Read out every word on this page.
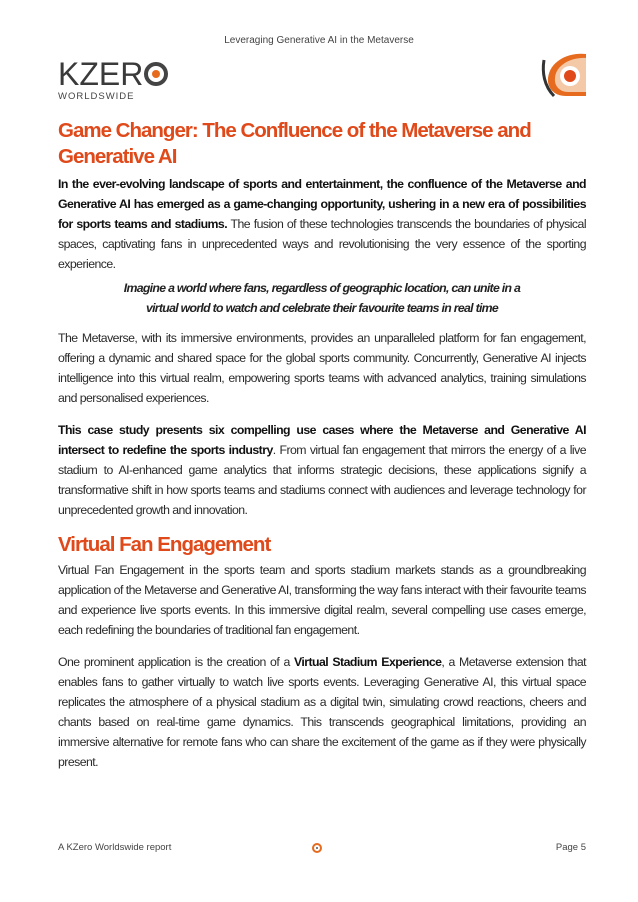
Leveraging Generative AI in the Metaverse
KZER
WORLDSWIDE
Game Changer: The Confluence of the Metaverse and Generative AI

In the ever-evolving landscape of sports and entertainment, the confluence of the Metaverse and Generative AI has emerged as a game-changing opportunity, ushering in a new era of possibilities for sports teams and stadiums. The fusion of these technologies transcends the boundaries of physical spaces, captivating fans in unprecedented ways and revolutionising the very essence of the sporting experience.

Imagine a world where fans, regardless of geographic location, can unite in a
virtual world to watch and celebrate their favourite teams in real time

The Metaverse, with its immersive environments, provides an unparalleled platform for fan engagement, offering a dynamic and shared space for the global sports community. Concurrently, Generative AI injects intelligence into this virtual realm, empowering sports teams with advanced analytics, training simulations and personalised experiences.

This case study presents six compelling use cases where the Metaverse and Generative AI intersect to redefine the sports industry. From virtual fan engagement that mirrors the energy of a live stadium to AI-enhanced game analytics that informs strategic decisions, these applications signify a transformative shift in how sports teams and stadiums connect with audiences and leverage technology for unprecedented growth and innovation.

Virtual Fan Engagement

Virtual Fan Engagement in the sports team and sports stadium markets stands as a groundbreaking application of the Metaverse and Generative AI, transforming the way fans interact with their favourite teams and experience live sports events. In this immersive digital realm, several compelling use cases emerge, each redefining the boundaries of traditional fan engagement.

One prominent application is the creation of a Virtual Stadium Experience, a Metaverse extension that enables fans to gather virtually to watch live sports events. Leveraging Generative AI, this virtual space replicates the atmosphere of a physical stadium as a digital twin, simulating crowd reactions, cheers and chants based on real-time game dynamics. This transcends geographical limitations, providing an immersive alternative for remote fans who can share the excitement of the game as if they were physically present.

A KZero Worldswide report	Page 5
